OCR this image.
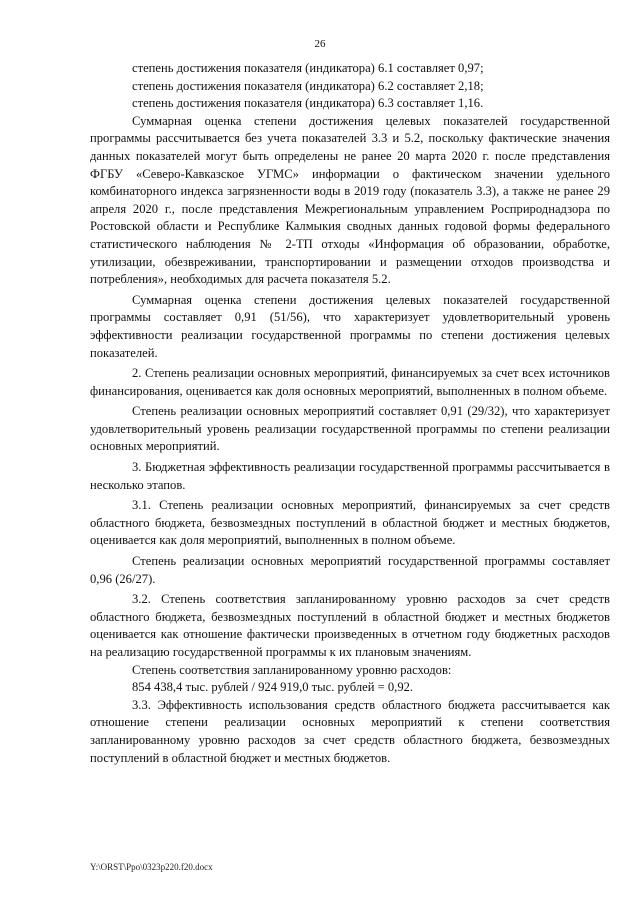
26

степень достижения показателя (индикатора) 6.1 составляет 0,97;

степень достижения показателя (индикатора) 6.2 составляет 2,18;

степень достижения показателя (индикатора) 6.3 составляет 1,16.

Суммарная оценка степени достижения целевых показателей государственной программы рассчитывается без учета показателей 3.3 и 5.2, поскольку фактические значения данных показателей могут быть определены не ранее 20 марта 2020 г. после представления ФГБУ «Северо-Кавказское УГМС» информации о фактическом значении удельного комбинаторного индекса загрязненности воды в 2019 году (показатель 3.3), а также не ранее 29 апреля 2020 г., после представления Межрегиональным управлением Росприроднадзора по Ростовской области и Республике Калмыкия сводных данных годовой формы федерального статистического наблюдения № 2-ТП отходы «Информация об образовании, обработке, утилизации, обезвреживании, транспортировании и размещении отходов производства и потребления», необходимых для расчета показателя 5.2.

Суммарная оценка степени достижения целевых показателей государственной программы составляет 0,91 (51/56), что характеризует удовлетворительный уровень эффективности реализации государственной программы по степени достижения целевых показателей.

2. Степень реализации основных мероприятий, финансируемых за счет всех источников финансирования, оценивается как доля основных мероприятий, выполненных в полном объеме.

Степень реализации основных мероприятий составляет 0,91 (29/32), что характеризует удовлетворительный уровень реализации государственной программы по степени реализации основных мероприятий.

3. Бюджетная эффективность реализации государственной программы рассчитывается в несколько этапов.

3.1. Степень реализации основных мероприятий, финансируемых за счет средств областного бюджета, безвозмездных поступлений в областной бюджет и местных бюджетов, оценивается как доля мероприятий, выполненных в полном объеме.

Степень реализации основных мероприятий государственной программы составляет 0,96 (26/27).

3.2. Степень соответствия запланированному уровню расходов за счет средств областного бюджета, безвозмездных поступлений в областной бюджет и местных бюджетов оценивается как отношение фактически произведенных в отчетном году бюджетных расходов на реализацию государственной программы к их плановым значениям.

Степень соответствия запланированному уровню расходов:

854 438,4 тыс. рублей / 924 919,0 тыс. рублей = 0,92.

3.3. Эффективность использования средств областного бюджета рассчитывается как отношение степени реализации основных мероприятий к степени соответствия запланированному уровню расходов за счет средств областного бюджета, безвозмездных поступлений в областной бюджет и местных бюджетов.

Y:\ORST\Ppo\0323p220.f20.docx
